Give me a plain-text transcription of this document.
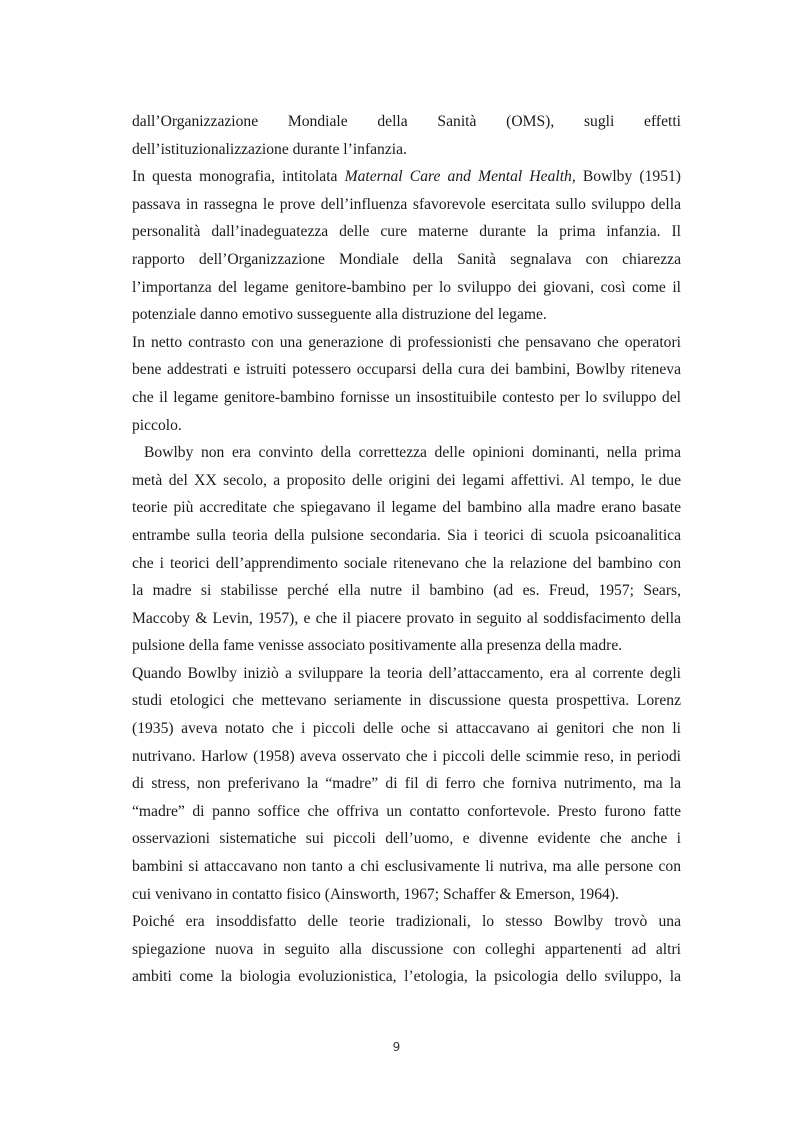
dall’Organizzazione Mondiale della Sanità (OMS), sugli effetti
dell’istituzionalizzazione durante l’infanzia.
In questa monografia, intitolata Maternal Care and Mental Health, Bowlby (1951)
passava in rassegna le prove dell’influenza sfavorevole esercitata sullo sviluppo della
personalità dall’inadeguatezza delle cure materne durante la prima infanzia. Il
rapporto dell’Organizzazione Mondiale della Sanità segnalava con chiarezza
l’importanza del legame genitore-bambino per lo sviluppo dei giovani, così come il
potenziale danno emotivo susseguente alla distruzione del legame.
In netto contrasto con una generazione di professionisti che pensavano che operatori
bene addestrati e istruiti potessero occuparsi della cura dei bambini, Bowlby riteneva
che il legame genitore-bambino fornisse un insostituibile contesto per lo sviluppo del
piccolo.
Bowlby non era convinto della correttezza delle opinioni dominanti, nella prima
metà del XX secolo, a proposito delle origini dei legami affettivi. Al tempo, le due
teorie più accreditate che spiegavano il legame del bambino alla madre erano basate
entrambe sulla teoria della pulsione secondaria. Sia i teorici di scuola psicoanalitica
che i teorici dell’apprendimento sociale ritenevano che la relazione del bambino con
la madre si stabilisse perché ella nutre il bambino (ad es. Freud, 1957; Sears,
Maccoby & Levin, 1957), e che il piacere provato in seguito al soddisfacimento della
pulsione della fame venisse associato positivamente alla presenza della madre.
Quando Bowlby iniziò a sviluppare la teoria dell’attaccamento, era al corrente degli
studi etologici che mettevano seriamente in discussione questa prospettiva. Lorenz
(1935) aveva notato che i piccoli delle oche si attaccavano ai genitori che non li
nutrivano. Harlow (1958) aveva osservato che i piccoli delle scimmie reso, in periodi
di stress, non preferivano la “madre” di fil di ferro che forniva nutrimento, ma la
“madre” di panno soffice che offriva un contatto confortevole. Presto furono fatte
osservazioni sistematiche sui piccoli dell’uomo, e divenne evidente che anche i
bambini si attaccavano non tanto a chi esclusivamente li nutriva, ma alle persone con
cui venivano in contatto fisico (Ainsworth, 1967; Schaffer & Emerson, 1964).
Poiché era insoddisfatto delle teorie tradizionali, lo stesso Bowlby trovò una
spiegazione nuova in seguito alla discussione con colleghi appartenenti ad altri
ambiti come la biologia evoluzionistica, l’etologia, la psicologia dello sviluppo, la
9
